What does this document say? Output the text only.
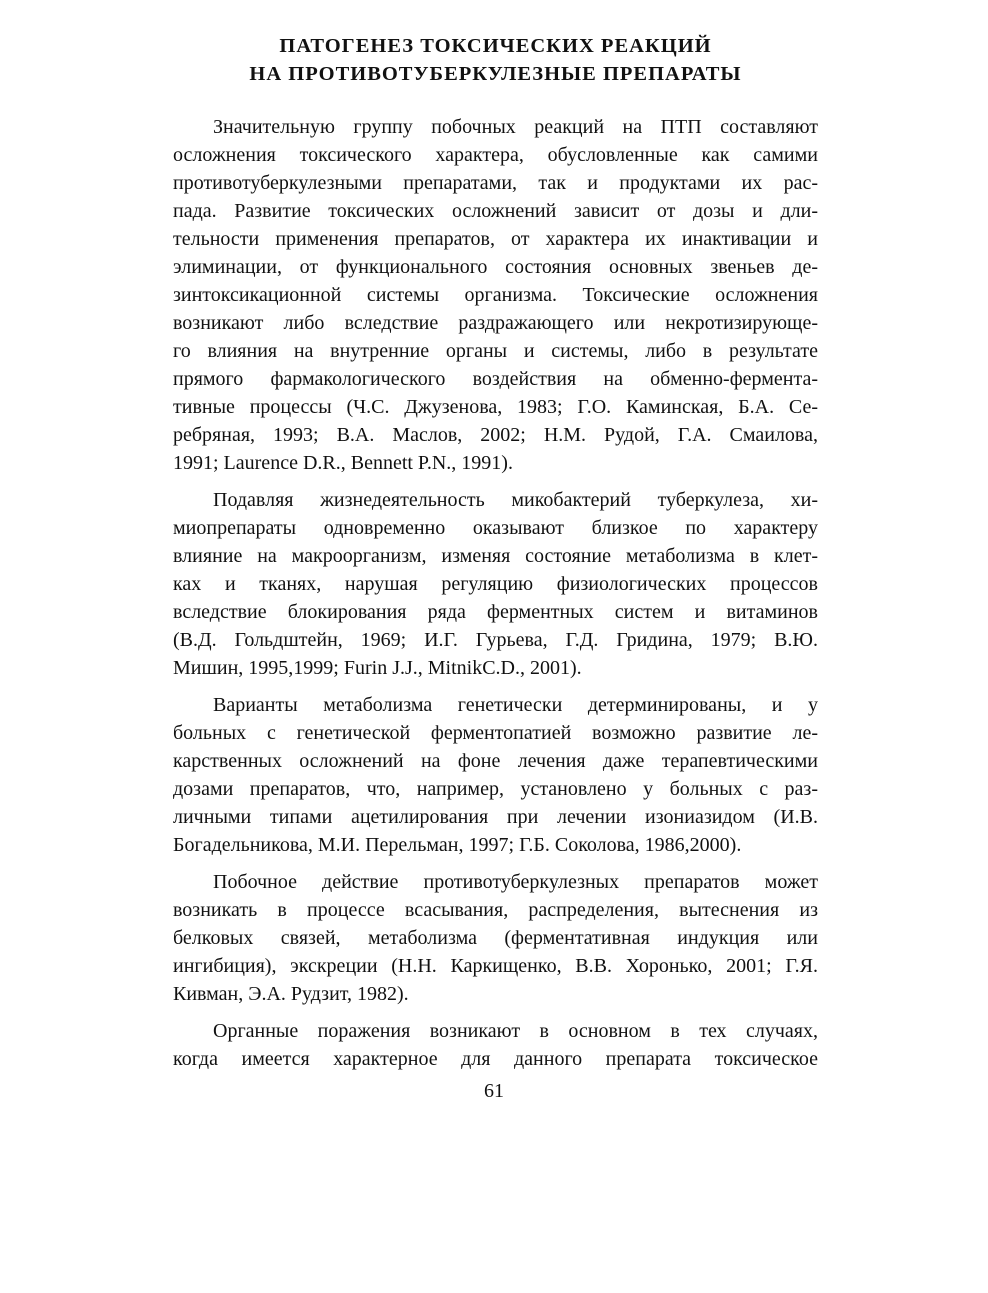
ПАТОГЕНЕЗ ТОКСИЧЕСКИХ РЕАКЦИЙ
НА ПРОТИВОТУБЕРКУЛЕЗНЫЕ ПРЕПАРАТЫ

Значительную группу побочных реакций на ПТП составляют
осложнения токсического характера, обусловленные как самими
противотуберкулезными препаратами, так и продуктами их рас-
пада. Развитие токсических осложнений зависит от дозы и дли-
тельности применения препаратов, от характера их инактивации и
элиминации, от функционального состояния основных звеньев де-
зинтоксикационной системы организма. Токсические осложнения
возникают либо вследствие раздражающего или некротизирующе-
го влияния на внутренние органы и системы, либо в результате
прямого фармакологического воздействия на обменно-фермента-
тивные процессы (Ч.С. Джузенова, 1983; Г.О. Каминская, Б.А. Се-
ребряная, 1993; В.А. Маслов, 2002; Н.М. Рудой, Г.А. Смаилова,
1991; Laurence D.R., Bennett P.N., 1991).

Подавляя жизнедеятельность микобактерий туберкулеза, хи-
миопрепараты одновременно оказывают близкое по характеру
влияние на макроорганизм, изменяя состояние метаболизма в клет-
ках и тканях, нарушая регуляцию физиологических процессов
вследствие блокирования ряда ферментных систем и витаминов
(В.Д. Гольдштейн, 1969; И.Г. Гурьева, Г.Д. Гридина, 1979; В.Ю.
Мишин, 1995,1999; Furin J.J., MitnikC.D., 2001).

Варианты метаболизма генетически детерминированы, и у
больных с генетической ферментопатией возможно развитие ле-
карственных осложнений на фоне лечения даже терапевтическими
дозами препаратов, что, например, установлено у больных с раз-
личными типами ацетилирования при лечении изониазидом (И.В.
Богадельникова, М.И. Перельман, 1997; Г.Б. Соколова, 1986,2000).

Побочное действие противотуберкулезных препаратов может
возникать в процессе всасывания, распределения, вытеснения из
белковых связей, метаболизма (ферментативная индукция или
ингибиция), экскреции (Н.Н. Каркищенко, В.В. Хоронько, 2001; Г.Я.
Кивман, Э.А. Рудзит, 1982).

Органные поражения возникают в основном в тех случаях,
когда имеется характерное для данного препарата токсическое

61
